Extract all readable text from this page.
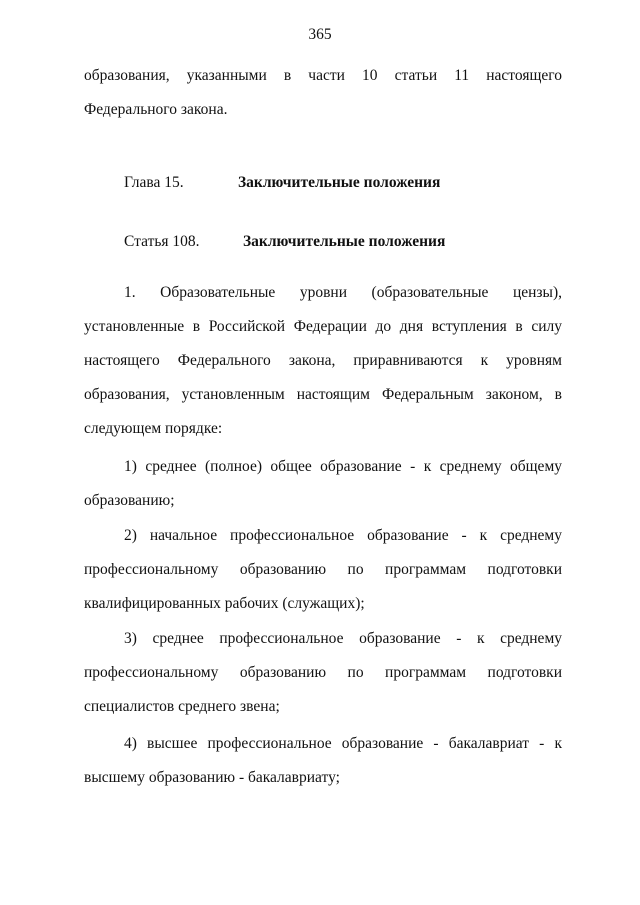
365
образования, указанными в части 10 статьи 11 настоящего Федерального закона.
Глава 15.	Заключительные положения
Статья 108.	Заключительные положения
1. Образовательные уровни (образовательные цензы), установленные в Российской Федерации до дня вступления в силу настоящего Федерального закона, приравниваются к уровням образования, установленным настоящим Федеральным законом, в следующем порядке:
1) среднее (полное) общее образование - к среднему общему образованию;
2) начальное профессиональное образование - к среднему профессиональному образованию по программам подготовки квалифицированных рабочих (служащих);
3) среднее профессиональное образование - к среднему профессиональному образованию по программам подготовки специалистов среднего звена;
4) высшее профессиональное образование - бакалавриат - к высшему образованию - бакалавриату;
